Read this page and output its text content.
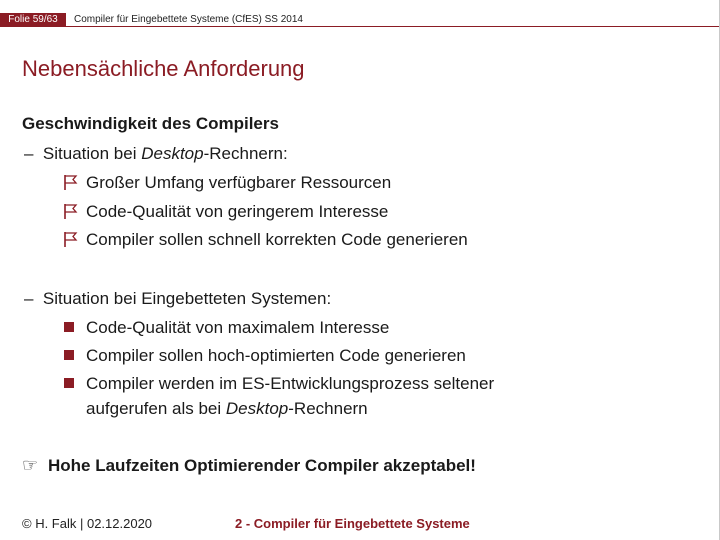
Folie 59/63	Compiler für Eingebettete Systeme (CfES) SS 2014
Nebensächliche Anforderung
Geschwindigkeit des Compilers
– Situation bei Desktop-Rechnern:
Großer Umfang verfügbarer Ressourcen
Code-Qualität von geringerem Interesse
Compiler sollen schnell korrekten Code generieren
– Situation bei Eingebetteten Systemen:
Code-Qualität von maximalem Interesse
Compiler sollen hoch-optimierten Code generieren
Compiler werden im ES-Entwicklungsprozess seltener
aufgerufen als bei Desktop-Rechnern
☞ Hohe Laufzeiten Optimierender Compiler akzeptabel!
© H. Falk | 02.12.2020	2 - Compiler für Eingebettete Systeme
